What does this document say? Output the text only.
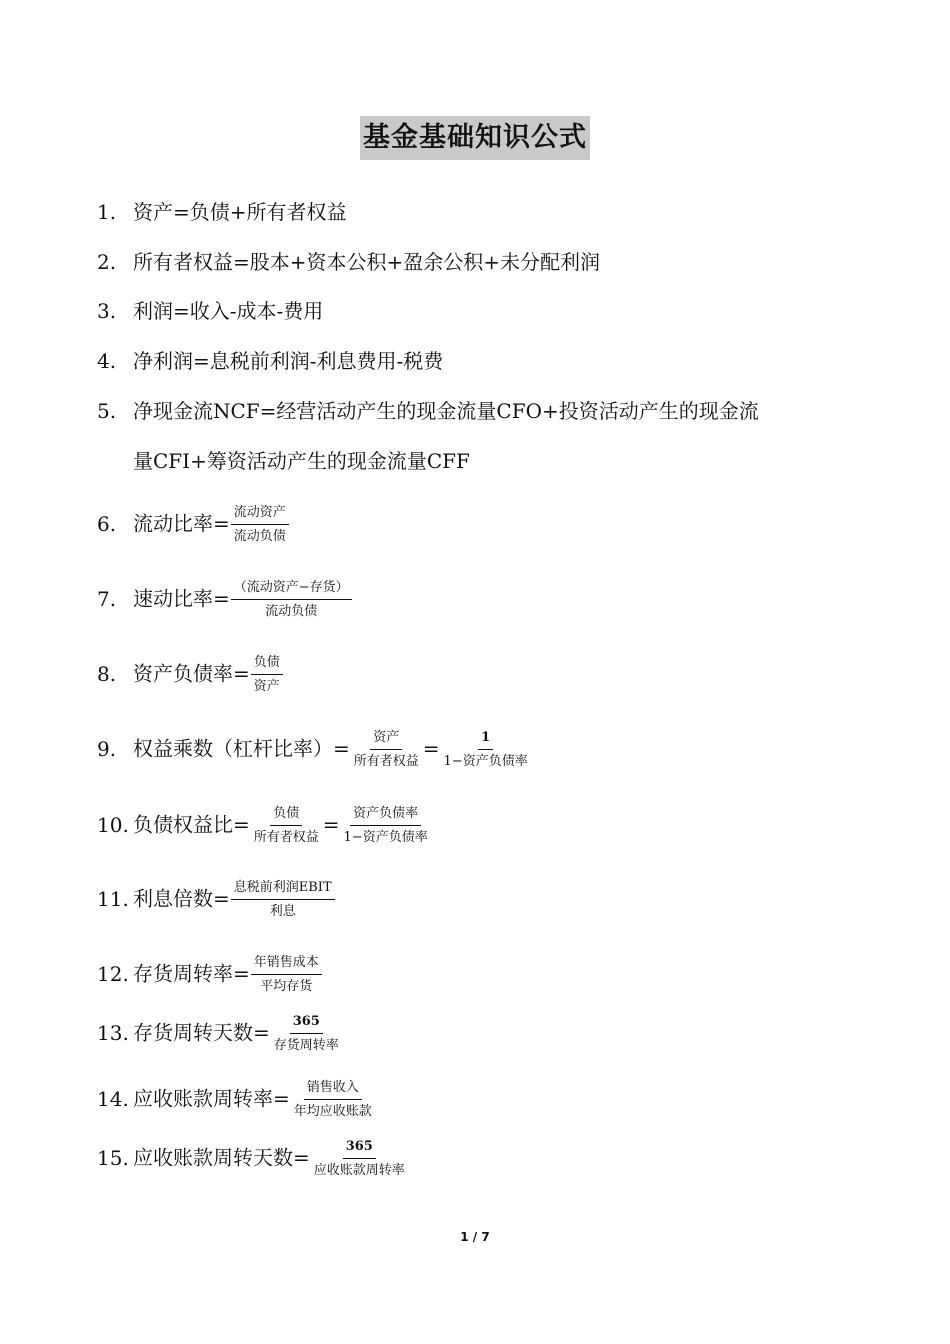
基金基础知识公式
1. 资产=负债+所有者权益
2. 所有者权益=股本+资本公积+盈余公积+未分配利润
3. 利润=收入-成本-费用
4. 净利润=息税前利润-利息费用-税费
5. 净现金流NCF=经营活动产生的现金流量CFO+投资活动产生的现金流
量CFI+筹资活动产生的现金流量CFF
6. 流动比率= $\frac{\text{流动资产}}{\text{流动负债}}$
7. 速动比率= $\frac{\text{（流动资产−存货）}}{\text{流动负债}}$
8. 资产负债率= $\frac{\text{负债}}{\text{资产}}$
9. 权益乘数（杠杆比率）= $\frac{\text{资产}}{\text{所有者权益}} = \frac{1}{\text{1−资产负债率}}$
10. 负债权益比= $\frac{\text{负债}}{\text{所有者权益}} = \frac{\text{资产负债率}}{\text{1−资产负债率}}$
11. 利息倍数= $\frac{\text{息税前利润EBIT}}{\text{利息}}$
12. 存货周转率= $\frac{\text{年销售成本}}{\text{平均存货}}$
13. 存货周转天数= $\frac{365}{\text{存货周转率}}$
14. 应收账款周转率= $\frac{\text{销售收入}}{\text{年均应收账款}}$
15. 应收账款周转天数= $\frac{365}{\text{应收账款周转率}}$
1 / 7
